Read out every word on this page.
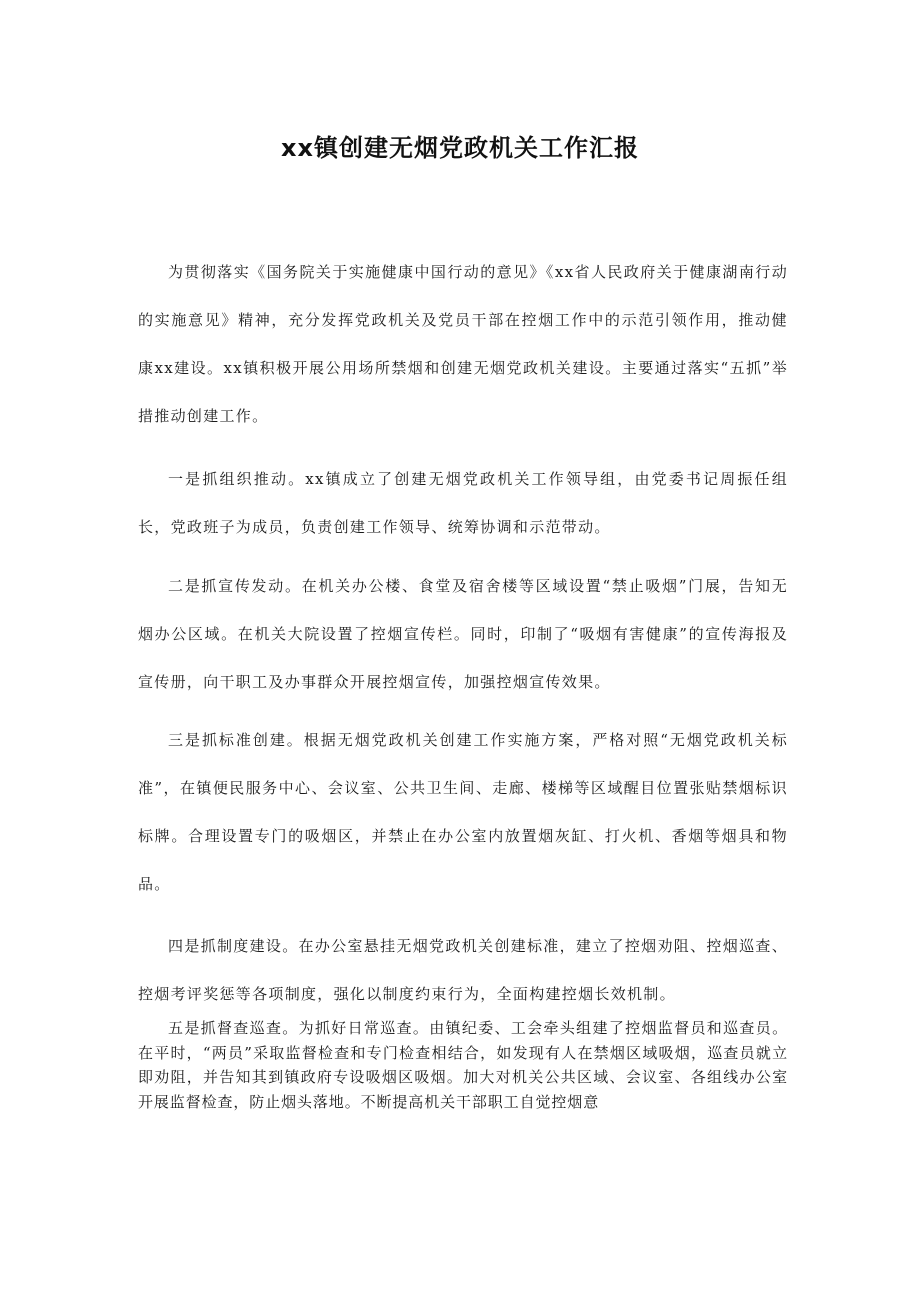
xx镇创建无烟党政机关工作汇报

为贯彻落实《国务院关于实施健康中国行动的意见》《xx省人民政府关于健康湖南行动的实施意见》精神，充分发挥党政机关及党员干部在控烟工作中的示范引领作用，推动健康xx建设。xx镇积极开展公用场所禁烟和创建无烟党政机关建设。主要通过落实“五抓”举措推动创建工作。

一是抓组织推动。xx镇成立了创建无烟党政机关工作领导组，由党委书记周振任组长，党政班子为成员，负责创建工作领导、统筹协调和示范带动。

二是抓宣传发动。在机关办公楼、食堂及宿舍楼等区域设置“禁止吸烟”门展，告知无烟办公区域。在机关大院设置了控烟宣传栏。同时，印制了“吸烟有害健康”的宣传海报及宣传册，向干职工及办事群众开展控烟宣传，加强控烟宣传效果。

三是抓标准创建。根据无烟党政机关创建工作实施方案，严格对照“无烟党政机关标准”，在镇便民服务中心、会议室、公共卫生间、走廊、楼梯等区域醒目位置张贴禁烟标识标牌。合理设置专门的吸烟区，并禁止在办公室内放置烟灰缸、打火机、香烟等烟具和物品。

四是抓制度建设。在办公室悬挂无烟党政机关创建标准，建立了控烟劝阻、控烟巡查、控烟考评奖惩等各项制度，强化以制度约束行为，全面构建控烟长效机制。

五是抓督查巡查。为抓好日常巡查。由镇纪委、工会牵头组建了控烟监督员和巡查员。在平时，“两员”采取监督检查和专门检查相结合，如发现有人在禁烟区域吸烟，巡查员就立即劝阻，并告知其到镇政府专设吸烟区吸烟。加大对机关公共区域、会议室、各组线办公室开展监督检查，防止烟头落地。不断提高机关干部职工自觉控烟意
